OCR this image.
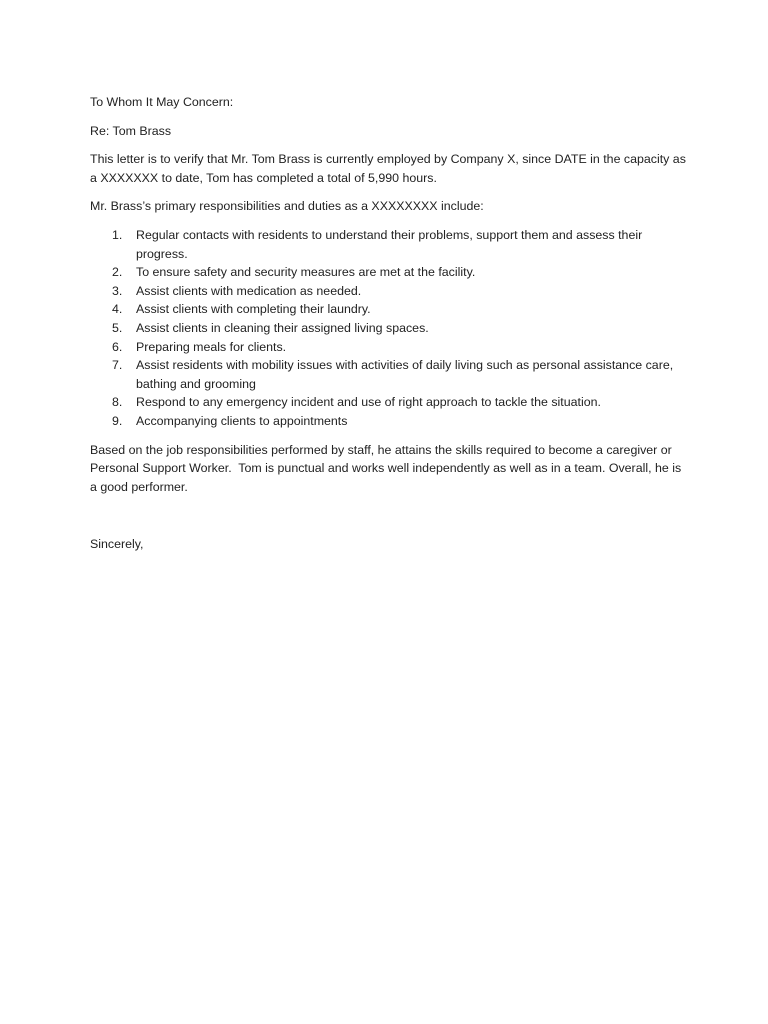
To Whom It May Concern:

Re: Tom Brass

This letter is to verify that Mr. Tom Brass is currently employed by Company X, since DATE in the capacity as a XXXXXXX to date, Tom has completed a total of 5,990 hours.

Mr. Brass’s primary responsibilities and duties as a XXXXXXXX include:

1. Regular contacts with residents to understand their problems, support them and assess their progress.
2. To ensure safety and security measures are met at the facility.
3. Assist clients with medication as needed.
4. Assist clients with completing their laundry.
5. Assist clients in cleaning their assigned living spaces.
6. Preparing meals for clients.
7. Assist residents with mobility issues with activities of daily living such as personal assistance care, bathing and grooming
8. Respond to any emergency incident and use of right approach to tackle the situation.
9. Accompanying clients to appointments

Based on the job responsibilities performed by staff, he attains the skills required to become a caregiver or Personal Support Worker.  Tom is punctual and works well independently as well as in a team. Overall, he is a good performer.

Sincerely,
